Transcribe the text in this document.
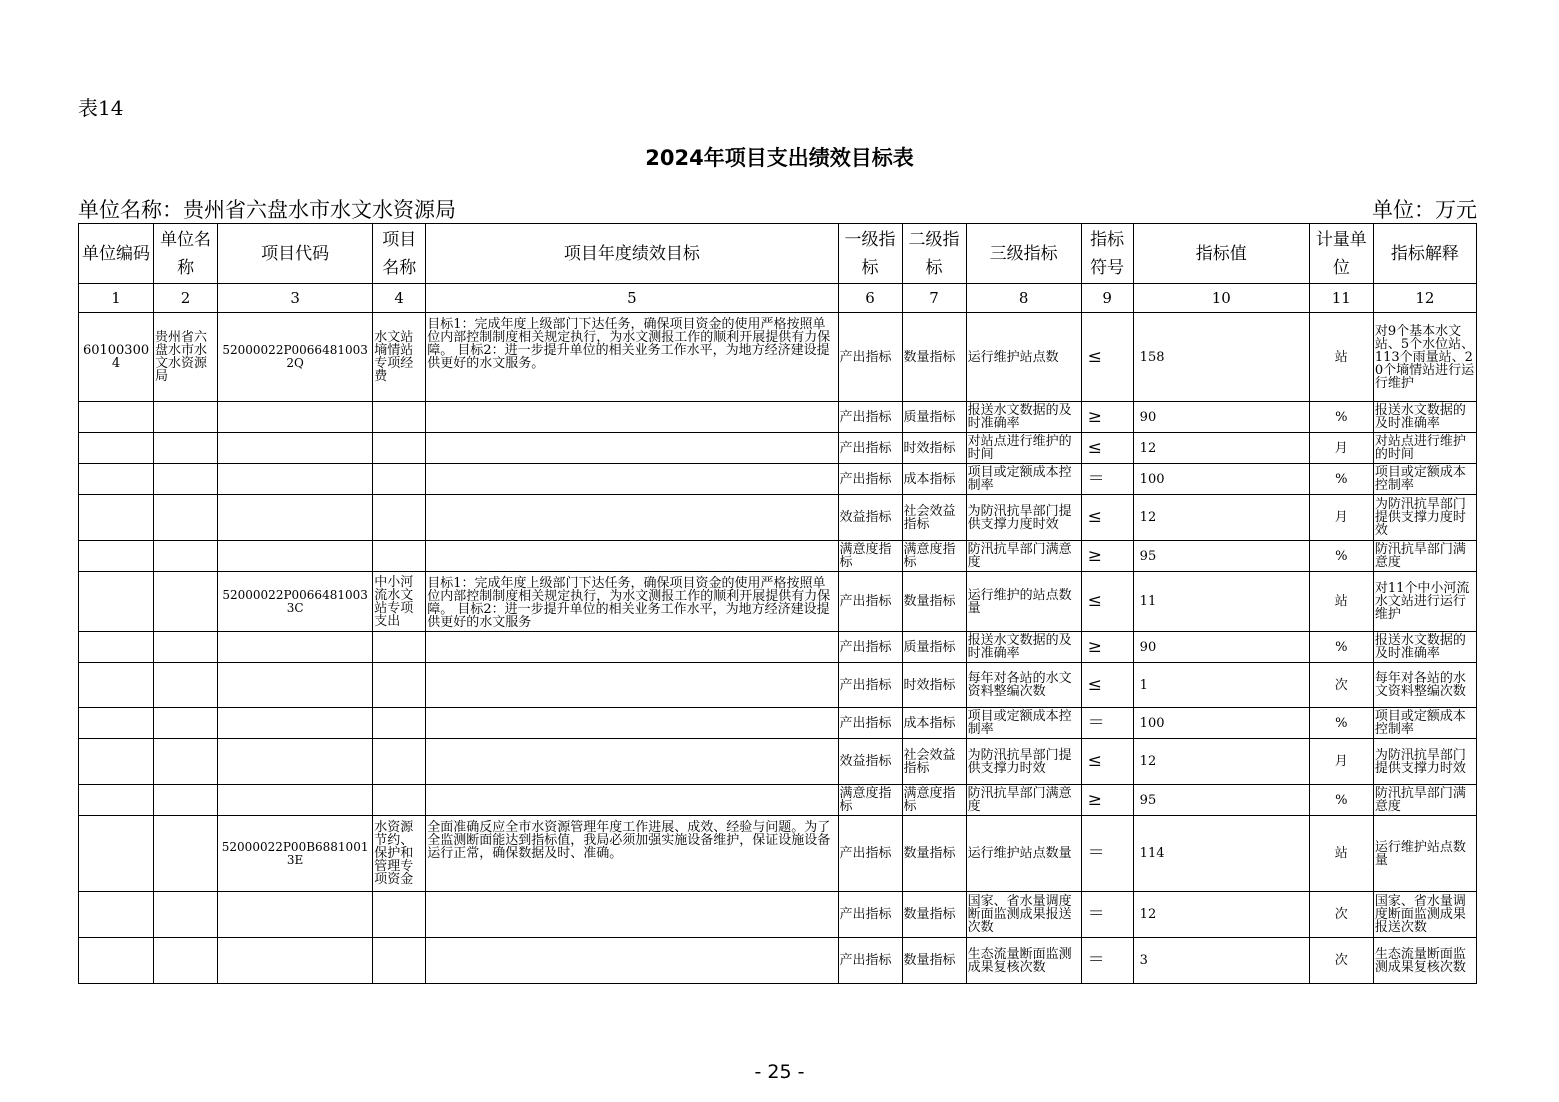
表14
2024年项目支出绩效目标表
单位名称：贵州省六盘水市水文水资源局	单位：万元
单位编码	单位名称	项目代码	项目名称	项目年度绩效目标	一级指标	二级指标	三级指标	指标符号	指标值	计量单位	指标解释
1	2	3	4	5	6	7	8	9	10	11	12
601003004	贵州省六盘水市水文水资源局	52000022P00664810032Q	水文站墒情站专项经费	目标1：完成年度上级部门下达任务，确保项目资金的使用严格按照单位内部控制制度相关规定执行，为水文测报工作的顺利开展提供有力保障。 目标2：进一步提升单位的相关业务工作水平，为地方经济建设提供更好的水文服务。	产出指标	数量指标	运行维护站点数	≤	158	站	对9个基本水文站、5个水位站、113个雨量站、20个墒情站进行运行维护
					产出指标	质量指标	报送水文数据的及时准确率	≥	90	%	报送水文数据的及时准确率
					产出指标	时效指标	对站点进行维护的时间	≤	12	月	对站点进行维护的时间
					产出指标	成本指标	项目或定额成本控制率	＝	100	%	项目或定额成本控制率
					效益指标	社会效益指标	为防汛抗旱部门提供支撑力度时效	≤	12	月	为防汛抗旱部门提供支撑力度时效
					满意度指标	满意度指标	防汛抗旱部门满意度	≥	95	%	防汛抗旱部门满意度
		52000022P00664810033C	中小河流水文站专项支出	目标1：完成年度上级部门下达任务，确保项目资金的使用严格按照单位内部控制制度相关规定执行，为水文测报工作的顺利开展提供有力保障。 目标2：进一步提升单位的相关业务工作水平，为地方经济建设提供更好的水文服务	产出指标	数量指标	运行维护的站点数量	≤	11	站	对11个中小河流水文站进行运行维护
					产出指标	质量指标	报送水文数据的及时准确率	≥	90	%	报送水文数据的及时准确率
					产出指标	时效指标	每年对各站的水文资料整编次数	≤	1	次	每年对各站的水文资料整编次数
					产出指标	成本指标	项目或定额成本控制率	＝	100	%	项目或定额成本控制率
					效益指标	社会效益指标	为防汛抗旱部门提供支撑力时效	≤	12	月	为防汛抗旱部门提供支撑力时效
					满意度指标	满意度指标	防汛抗旱部门满意度	≥	95	%	防汛抗旱部门满意度
		52000022P00B68810013E	水资源节约、保护和管理专项资金	全面准确反应全市水资源管理年度工作进展、成效、经验与问题。为了全监测断面能达到指标值，我局必须加强实施设备维护，保证设施设备运行正常，确保数据及时、准确。	产出指标	数量指标	运行维护站点数量	＝	114	站	运行维护站点数量
					产出指标	数量指标	国家、省水量调度断面监测成果报送次数	＝	12	次	国家、省水量调度断面监测成果报送次数
					产出指标	数量指标	生态流量断面监测成果复核次数	＝	3	次	生态流量断面监测成果复核次数
- 25 -
